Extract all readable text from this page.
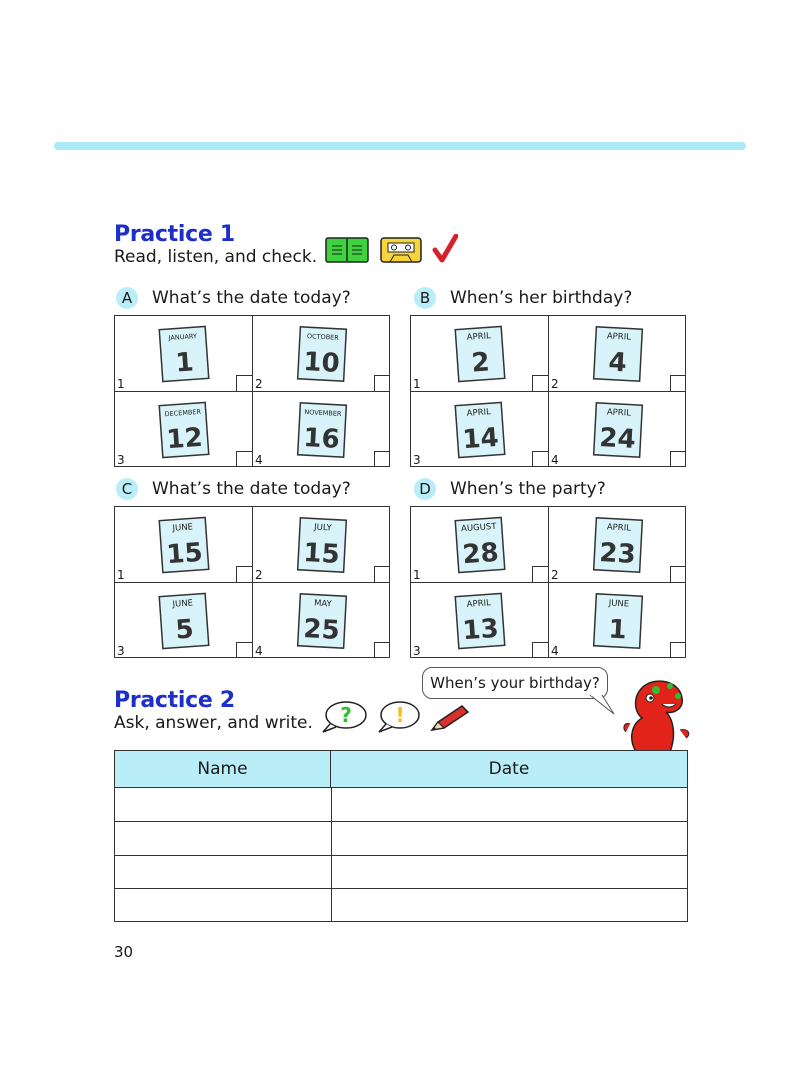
Practice 1
Read, listen, and check.
A	What’s the date today?
JANUARY
1
1
OCTOBER
10
2
DECEMBER
12
3
NOVEMBER
16
4
B	When’s her birthday?
APRIL
2
1
APRIL
4
2
APRIL
14
3
APRIL
24
4
C	What’s the date today?
JUNE
15
1
JULY
15
2
JUNE
5
3
MAY
25
4
D	When’s the party?
AUGUST
28
1
APRIL
23
2
APRIL
13
3
JUNE
1
4
Practice 2
Ask, answer, and write. ? !
When’s your birthday?
Name	Date
30
